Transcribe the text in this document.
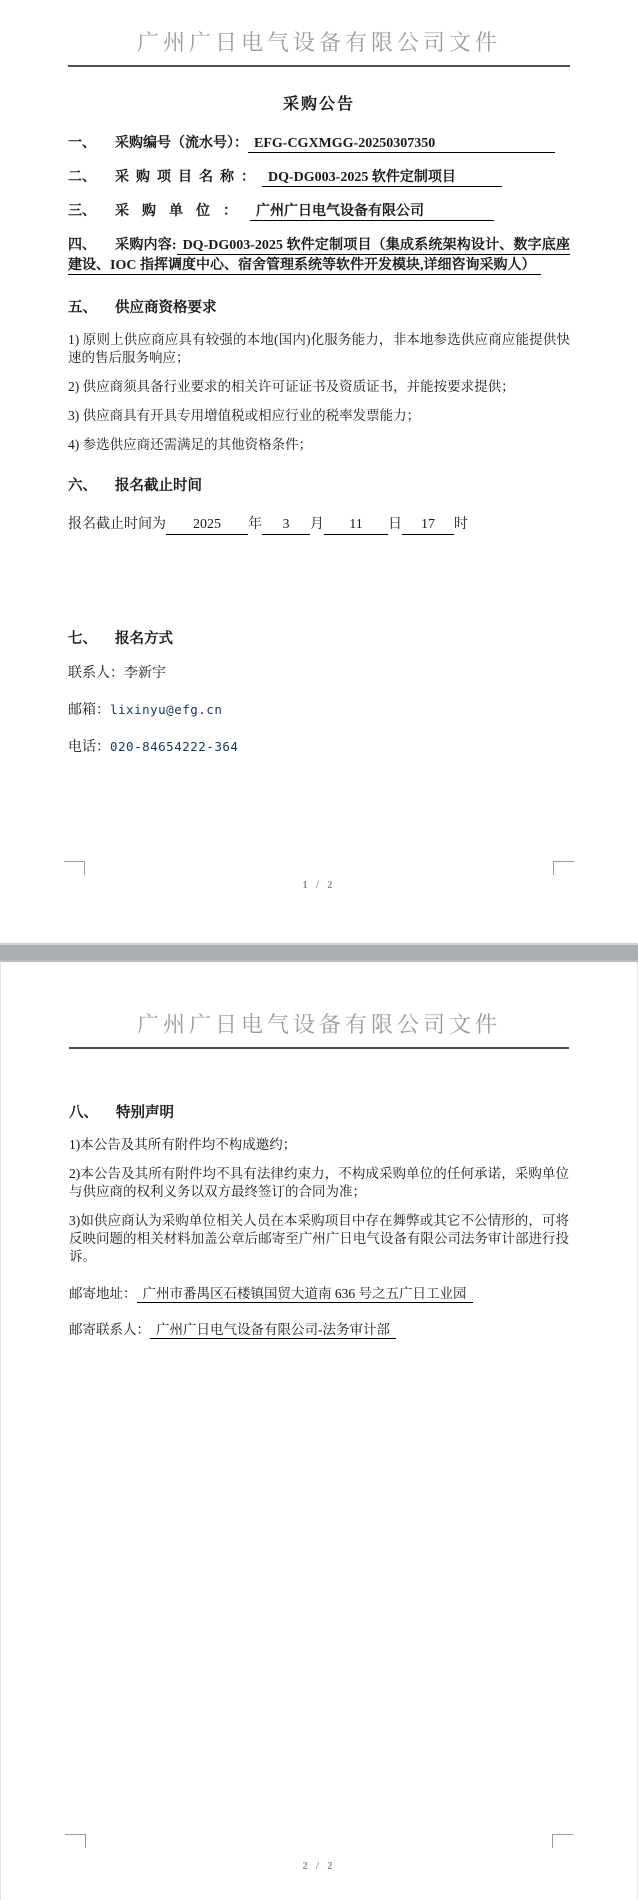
广州广日电气设备有限公司文件
采购公告
一、 采购编号（流水号）： EFG-CGXMGG-20250307350
二、 采购项目名称： DQ-DG003-2025 软件定制项目
三、 采购单位： 广州广日电气设备有限公司
四、 采购内容: DQ-DG003-2025 软件定制项目（集成系统架构设计、数字底座建设、IOC 指挥调度中心、宿舍管理系统等软件开发模块,详细咨询采购人）
五、 供应商资格要求
1) 原则上供应商应具有较强的本地(国内)化服务能力，非本地参选供应商应能提供快速的售后服务响应；
2) 供应商须具备行业要求的相关许可证证书及资质证书，并能按要求提供；
3) 供应商具有开具专用增值税或相应行业的税率发票能力；
4) 参选供应商还需满足的其他资格条件；
六、 报名截止时间
报名截止时间为 2025 年 3 月 11 日 17 时
七、 报名方式
联系人：李新宇
邮箱：lixinyu@efg.cn
电话：020-84654222-364
1 / 2
广州广日电气设备有限公司文件
八、 特别声明
1)本公告及其所有附件均不构成邀约；
2)本公告及其所有附件均不具有法律约束力，不构成采购单位的任何承诺，采购单位与供应商的权利义务以双方最终签订的合同为准；
3)如供应商认为采购单位相关人员在本采购项目中存在舞弊或其它不公情形的，可将反映问题的相关材料加盖公章后邮寄至广州广日电气设备有限公司法务审计部进行投诉。
邮寄地址： 广州市番禺区石楼镇国贸大道南 636 号之五广日工业园
邮寄联系人： 广州广日电气设备有限公司-法务审计部
2 / 2
